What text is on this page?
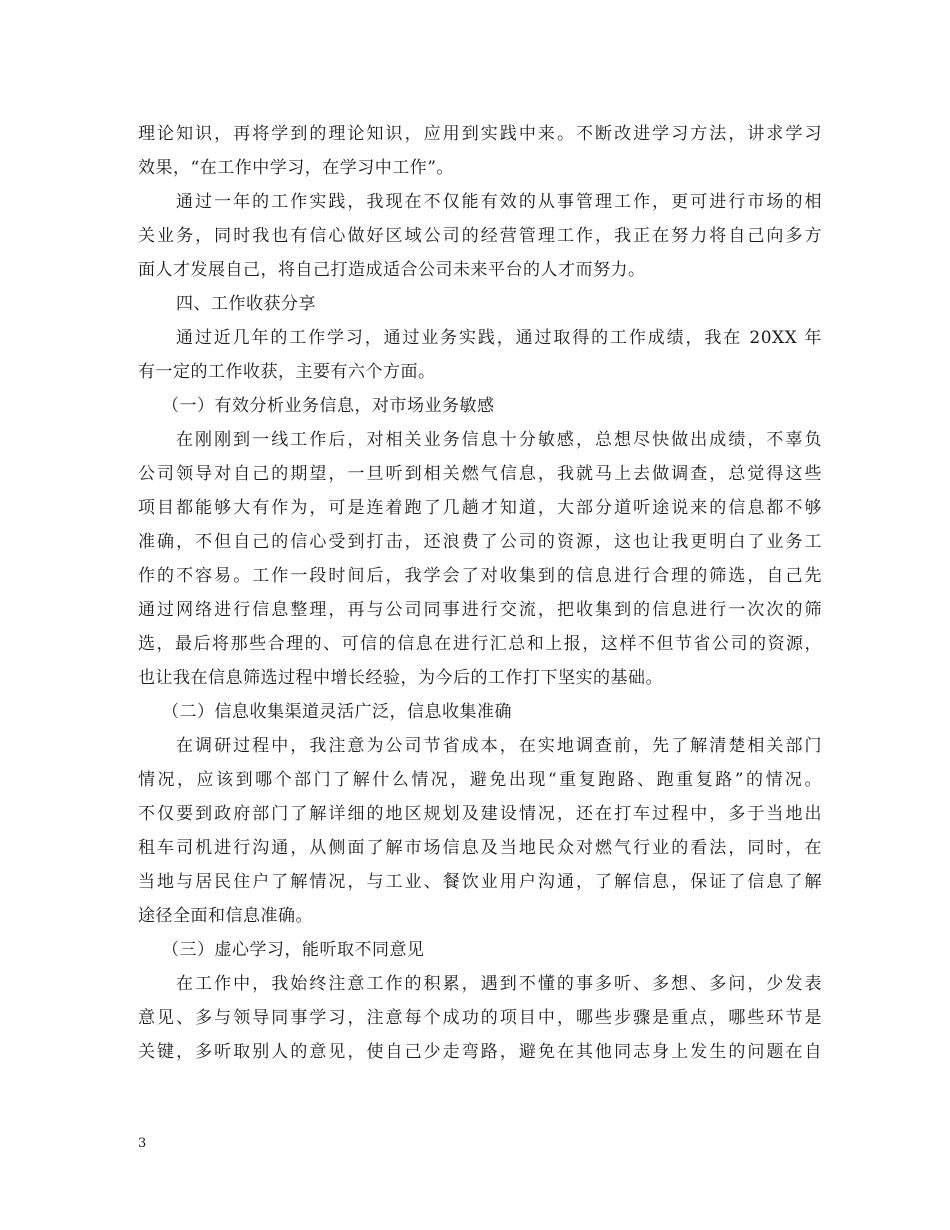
理论知识，再将学到的理论知识，应用到实践中来。不断改进学习方法，讲求学习
效果，“在工作中学习，在学习中工作”。
通过一年的工作实践，我现在不仅能有效的从事管理工作，更可进行市场的相
关业务，同时我也有信心做好区域公司的经营管理工作，我正在努力将自己向多方
面人才发展自己，将自己打造成适合公司未来平台的人才而努力。
四、工作收获分享
通过近几年的工作学习，通过业务实践，通过取得的工作成绩，我在 20XX 年
有一定的工作收获，主要有六个方面。
（一）有效分析业务信息，对市场业务敏感
在刚刚到一线工作后，对相关业务信息十分敏感，总想尽快做出成绩，不辜负
公司领导对自己的期望，一旦听到相关燃气信息，我就马上去做调查，总觉得这些
项目都能够大有作为，可是连着跑了几趟才知道，大部分道听途说来的信息都不够
准确，不但自己的信心受到打击，还浪费了公司的资源，这也让我更明白了业务工
作的不容易。工作一段时间后，我学会了对收集到的信息进行合理的筛选，自己先
通过网络进行信息整理，再与公司同事进行交流，把收集到的信息进行一次次的筛
选，最后将那些合理的、可信的信息在进行汇总和上报，这样不但节省公司的资源，
也让我在信息筛选过程中增长经验，为今后的工作打下坚实的基础。
（二）信息收集渠道灵活广泛，信息收集准确
在调研过程中，我注意为公司节省成本，在实地调查前，先了解清楚相关部门
情况，应该到哪个部门了解什么情况，避免出现“重复跑路、跑重复路”的情况。
不仅要到政府部门了解详细的地区规划及建设情况，还在打车过程中，多于当地出
租车司机进行沟通，从侧面了解市场信息及当地民众对燃气行业的看法，同时，在
当地与居民住户了解情况，与工业、餐饮业用户沟通，了解信息，保证了信息了解
途径全面和信息准确。
（三）虚心学习，能听取不同意见
在工作中，我始终注意工作的积累，遇到不懂的事多听、多想、多问，少发表
意见、多与领导同事学习，注意每个成功的项目中，哪些步骤是重点，哪些环节是
关键，多听取别人的意见，使自己少走弯路，避免在其他同志身上发生的问题在自
3
